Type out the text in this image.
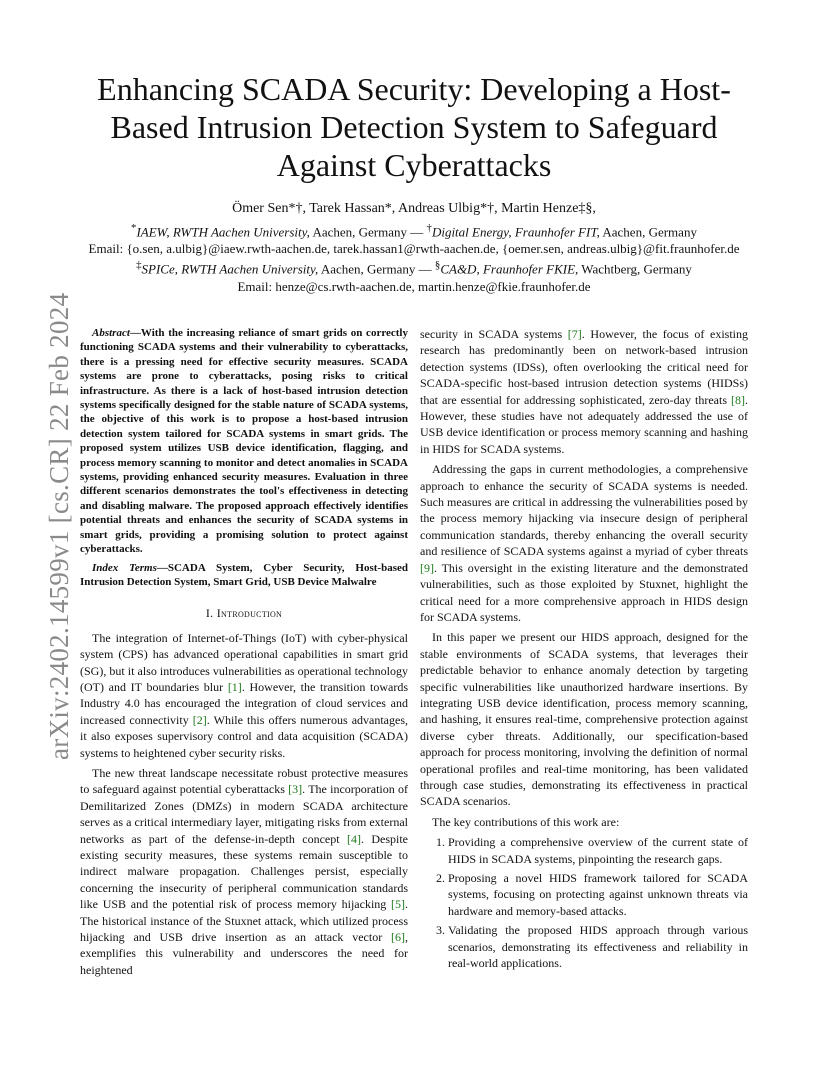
arXiv:2402.14599v1 [cs.CR] 22 Feb 2024
Enhancing SCADA Security: Developing a Host-Based Intrusion Detection System to Safeguard Against Cyberattacks
Ömer Sen*†, Tarek Hassan*, Andreas Ulbig*†, Martin Henze‡§,
*IAEW, RWTH Aachen University, Aachen, Germany — †Digital Energy, Fraunhofer FIT, Aachen, Germany
Email: {o.sen, a.ulbig}@iaew.rwth-aachen.de, tarek.hassan1@rwth-aachen.de, {oemer.sen, andreas.ulbig}@fit.fraunhofer.de
‡SPICe, RWTH Aachen University, Aachen, Germany — §CA&D, Fraunhofer FKIE, Wachtberg, Germany
Email: henze@cs.rwth-aachen.de, martin.henze@fkie.fraunhofer.de

Abstract—With the increasing reliance of smart grids on correctly functioning SCADA systems and their vulnerability to cyberattacks, there is a pressing need for effective security measures. SCADA systems are prone to cyberattacks, posing risks to critical infrastructure. As there is a lack of host-based intrusion detection systems specifically designed for the stable nature of SCADA systems, the objective of this work is to propose a host-based intrusion detection system tailored for SCADA systems in smart grids. The proposed system utilizes USB device identification, flagging, and process memory scanning to monitor and detect anomalies in SCADA systems, providing enhanced security measures. Evaluation in three different scenarios demonstrates the tool's effectiveness in detecting and disabling malware. The proposed approach effectively identifies potential threats and enhances the security of SCADA systems in smart grids, providing a promising solution to protect against cyberattacks.

Index Terms—SCADA System, Cyber Security, Host-based Intrusion Detection System, Smart Grid, USB Device Malwalre

I. Introduction

The integration of Internet-of-Things (IoT) with cyber-physical system (CPS) has advanced operational capabilities in smart grid (SG), but it also introduces vulnerabilities as operational technology (OT) and IT boundaries blur [1]. However, the transition towards Industry 4.0 has encouraged the integration of cloud services and increased connectivity [2]. While this offers numerous advantages, it also exposes supervisory control and data acquisition (SCADA) systems to heightened cyber security risks.

The new threat landscape necessitate robust protective measures to safeguard against potential cyberattacks [3]. The incorporation of Demilitarized Zones (DMZs) in modern SCADA architecture serves as a critical intermediary layer, mitigating risks from external networks as part of the defense-in-depth concept [4]. Despite existing security measures, these systems remain susceptible to indirect malware propagation. Challenges persist, especially concerning the insecurity of peripheral communication standards like USB and the potential risk of process memory hijacking [5]. The historical instance of the Stuxnet attack, which utilized process hijacking and USB drive insertion as an attack vector [6], exemplifies this vulnerability and underscores the need for heightened

security in SCADA systems [7]. However, the focus of existing research has predominantly been on network-based intrusion detection systems (IDSs), often overlooking the critical need for SCADA-specific host-based intrusion detection systems (HIDSs) that are essential for addressing sophisticated, zero-day threats [8]. However, these studies have not adequately addressed the use of USB device identification or process memory scanning and hashing in HIDS for SCADA systems.

Addressing the gaps in current methodologies, a comprehensive approach to enhance the security of SCADA systems is needed. Such measures are critical in addressing the vulnerabilities posed by the process memory hijacking via insecure design of peripheral communication standards, thereby enhancing the overall security and resilience of SCADA systems against a myriad of cyber threats [9]. This oversight in the existing literature and the demonstrated vulnerabilities, such as those exploited by Stuxnet, highlight the critical need for a more comprehensive approach in HIDS design for SCADA systems.

In this paper we present our HIDS approach, designed for the stable environments of SCADA systems, that leverages their predictable behavior to enhance anomaly detection by targeting specific vulnerabilities like unauthorized hardware insertions. By integrating USB device identification, process memory scanning, and hashing, it ensures real-time, comprehensive protection against diverse cyber threats. Additionally, our specification-based approach for process monitoring, involving the definition of normal operational profiles and real-time monitoring, has been validated through case studies, demonstrating its effectiveness in practical SCADA scenarios.

The key contributions of this work are:

1. Providing a comprehensive overview of the current state of HIDS in SCADA systems, pinpointing the research gaps.
2. Proposing a novel HIDS framework tailored for SCADA systems, focusing on protecting against unknown threats via hardware and memory-based attacks.
3. Validating the proposed HIDS approach through various scenarios, demonstrating its effectiveness and reliability in real-world applications.
